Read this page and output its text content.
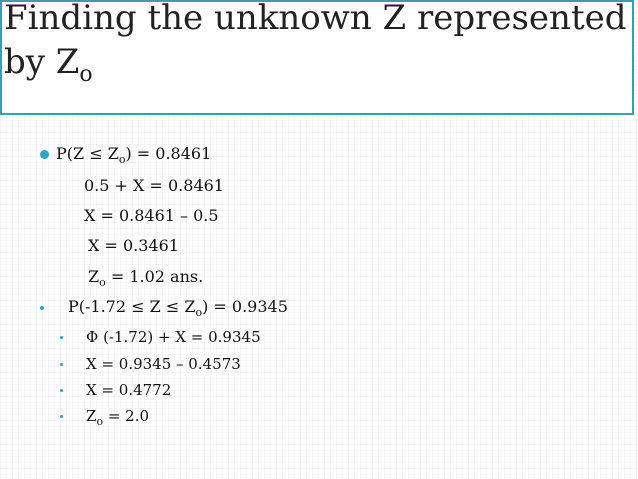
Finding the unknown Z represented
by $Z_o$
$P(Z \le Z_o) = 0.8461$
0.5 + X = 0.8461
X = 0.8461 – 0.5
X = 0.3461
$Z_o = 1.02$ ans.
$P(-1.72 \le Z \le Z_o) = 0.9345$
Φ (-1.72) + X = 0.9345
X = 0.9345 – 0.4573
X = 0.4772
$Z_o = 2.0$
